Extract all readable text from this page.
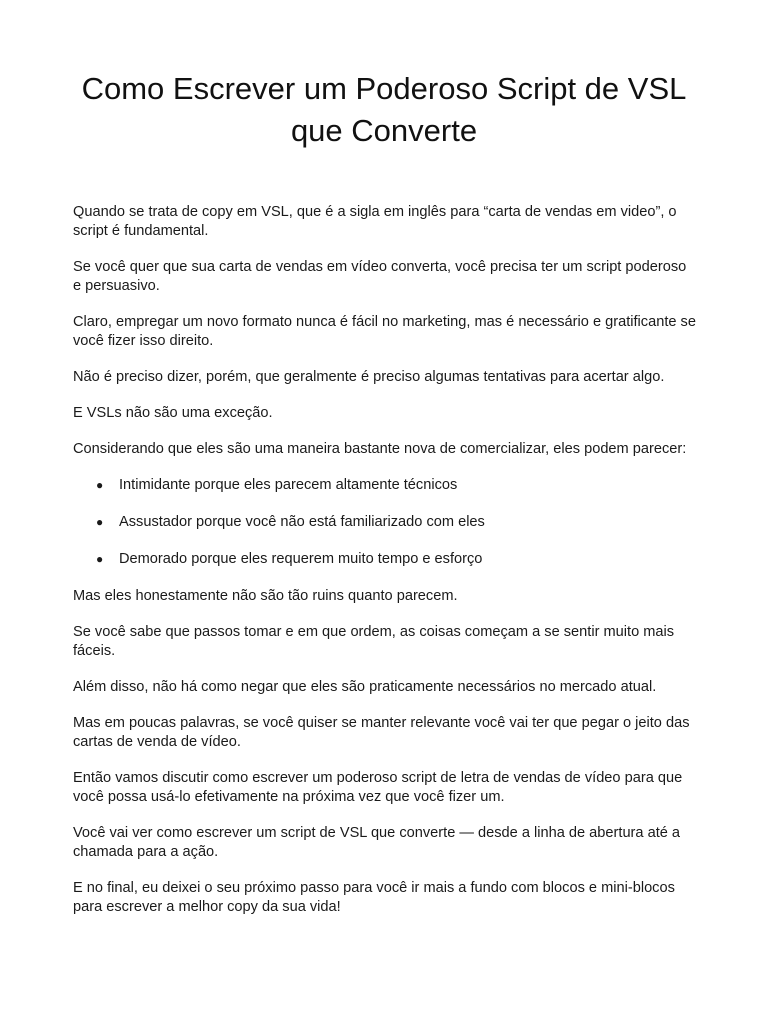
Como Escrever um Poderoso Script de VSL que Converte

Quando se trata de copy em VSL, que é a sigla em inglês para “carta de vendas em video”, o script é fundamental.

Se você quer que sua carta de vendas em vídeo converta, você precisa ter um script poderoso e persuasivo.

Claro, empregar um novo formato nunca é fácil no marketing, mas é necessário e gratificante se você fizer isso direito.

Não é preciso dizer, porém, que geralmente é preciso algumas tentativas para acertar algo.

E VSLs não são uma exceção.

Considerando que eles são uma maneira bastante nova de comercializar, eles podem parecer:

● Intimidante porque eles parecem altamente técnicos
● Assustador porque você não está familiarizado com eles
● Demorado porque eles requerem muito tempo e esforço

Mas eles honestamente não são tão ruins quanto parecem.

Se você sabe que passos tomar e em que ordem, as coisas começam a se sentir muito mais fáceis.

Além disso, não há como negar que eles são praticamente necessários no mercado atual.

Mas em poucas palavras, se você quiser se manter relevante você vai ter que pegar o jeito das cartas de venda de vídeo.

Então vamos discutir como escrever um poderoso script de letra de vendas de vídeo para que você possa usá-lo efetivamente na próxima vez que você fizer um.

Você vai ver como escrever um script de VSL que converte — desde a linha de abertura até a chamada para a ação.

E no final, eu deixei o seu próximo passo para você ir mais a fundo com blocos e mini-blocos para escrever a melhor copy da sua vida!
